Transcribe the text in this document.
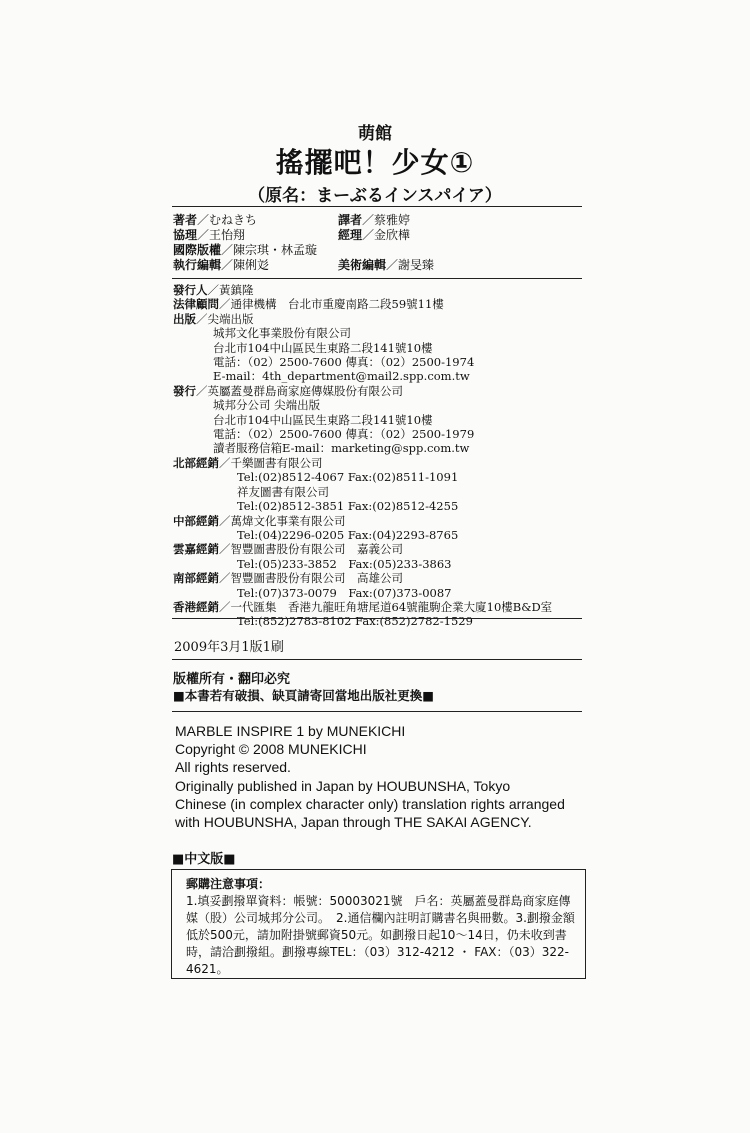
萌館
搖擺吧！少女①
（原名：まーぶるインスパイア）
著者／むねきち
協理／王怡翔
國際版權／陳宗琪・林孟璇
執行編輯／陳俐彣
譯者／蔡雅婷
經理／金欣樺
美術編輯／謝旻臻
發行人／黃鎮隆
法律顧問／通律機構　台北市重慶南路二段59號11樓
出版／尖端出版
城邦文化事業股份有限公司
台北市104中山區民生東路二段141號10樓
電話：（02）2500-7600 傳真：（02）2500-1974
E-mail：4th_department@mail2.spp.com.tw
發行／英屬蓋曼群島商家庭傳媒股份有限公司
城邦分公司 尖端出版
台北市104中山區民生東路二段141號10樓
電話：（02）2500-7600 傳真：（02）2500-1979
讀者服務信箱E-mail：marketing@spp.com.tw
北部經銷／千樂圖書有限公司
Tel:(02)8512-4067 Fax:(02)8511-1091
祥友圖書有限公司
Tel:(02)8512-3851 Fax:(02)8512-4255
中部經銷／萬煒文化事業有限公司
Tel:(04)2296-0205 Fax:(04)2293-8765
雲嘉經銷／智豐圖書股份有限公司　嘉義公司
Tel:(05)233-3852　Fax:(05)233-3863
南部經銷／智豐圖書股份有限公司　高雄公司
Tel:(07)373-0079　Fax:(07)373-0087
香港經銷／一代匯集　香港九龍旺角塘尾道64號龍駒企業大廈10樓B&D室
Tel:(852)2783-8102 Fax:(852)2782-1529
2009年3月1版1刷
版權所有・翻印必究
■本書若有破損、缺頁請寄回當地出版社更換■
MARBLE INSPIRE 1 by MUNEKICHI
Copyright © 2008 MUNEKICHI
All rights reserved.
Originally published in Japan by HOUBUNSHA, Tokyo
Chinese (in complex character only) translation rights arranged
with HOUBUNSHA, Japan through THE SAKAI AGENCY.
■中文版■
郵購注意事項：
1.填妥劃撥單資料：帳號：50003021號　戶名：英屬蓋曼群島商家庭傳媒（股）公司城邦分公司。　2.通信欄內註明訂購書名與冊數。3.劃撥金額低於500元，請加附掛號郵資50元。如劃撥日起10～14日，仍未收到書時，請洽劃撥組。劃撥專線TEL：（03）312-4212 ・ FAX：（03）322-4621。
